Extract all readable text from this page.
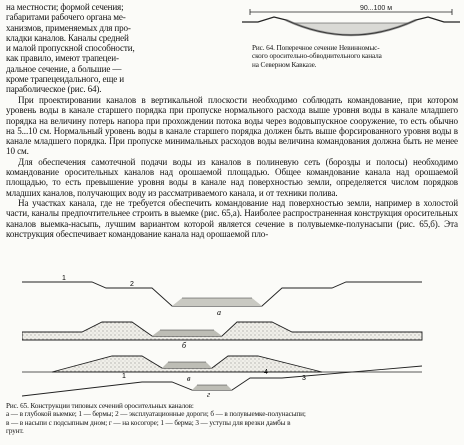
на местности; формой сечения;

габаритами рабочего органа ме-

ханизмов, применяемых для про-

кладки каналов. Каналы средней

и малой пропускной способности,

как правило, имеют трапецеи-

дальное сечение, а большие —

кроме трапецеидального, еще и

параболическое (рис. 64).

90...100 м

Рис. 64. Поперечное сечение Невинномыс-

ского оросительно-обводнительного канала

на Северном Кавказе.

При проектировании каналов в вертикальной плоскости необходимо соблюдать командование, при котором уровень воды в канале старшего порядка при пропуске нормального расхода выше уровня воды в канале младшего порядка на величину потерь напора при прохождении потока воды через водовыпускное сооружение, то есть обычно на 5...10 см. Нормальный уровень воды в канале старшего порядка должен быть выше форсированного уровня воды в канале младшего порядка. При пропуске минимальных расходов воды величина командования должна быть не менее 10 см.

Для обеспечения самотечной подачи воды из каналов в полиневую сеть (борозды и полосы) необходимо командование оросительных каналов над орошаемой площадью. Общее командование канала над орошаемой площадью, то есть превышение уровня воды в канале над поверхностью земли, определяется числом порядков младших каналов, получающих воду из рассматриваемого канала, и от техники полива.

На участках канала, где не требуется обеспечить командование над поверхностью земли, например в холостой части, каналы предпочтительнее строить в выемке (рис. 65,а). Наиболее распространенная конструкция оросительных каналов выемка-насыпь, лучшим вариантом которой является сечение в полувыемке-полунасыпи (рис. 65,б). Эта конструкция обеспечивает командование канала над орошаемой пло-

1
2
а
б
в
1
4
3
г

Рис. 65. Конструкции типовых сечений оросительных каналов:

а — в глубокой выемке; 1 — бермы; 2 — эксплуатационные дороги; б — в полувыемке-полунасыпи;

в — в насыпи с подсыпным дном; г — на косогоре; 1 — берма; 3 — уступы для врезки дамбы в

грунт.
